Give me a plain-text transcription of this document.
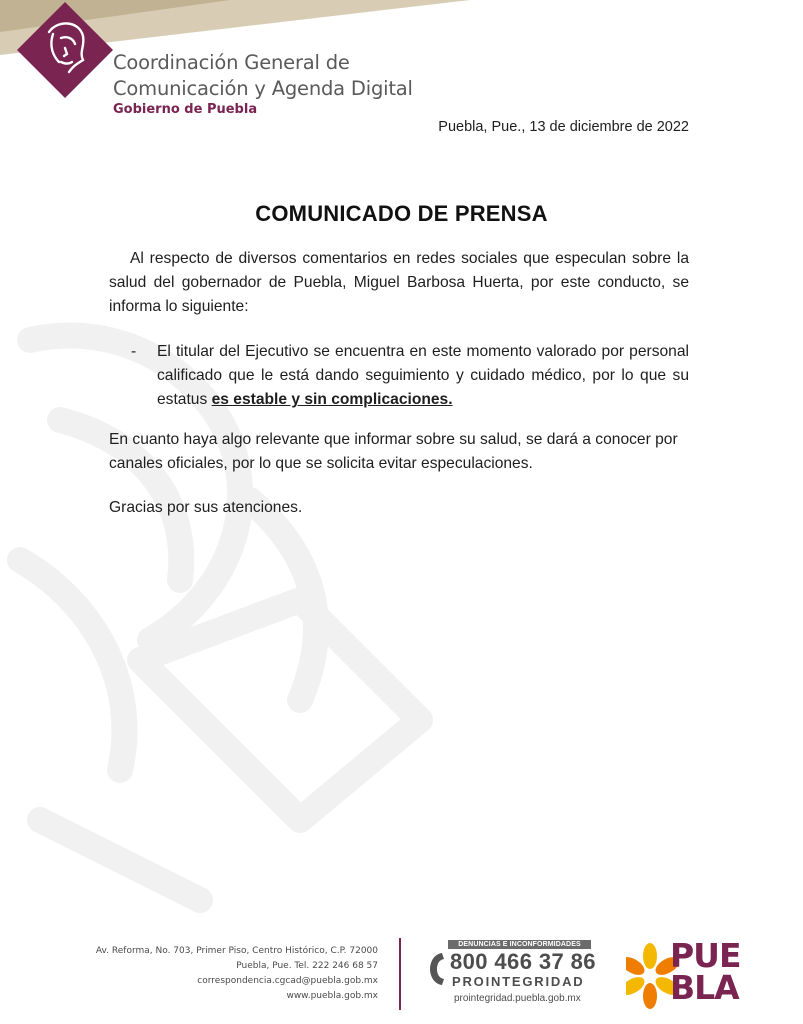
Coordinación General de
Comunicación y Agenda Digital
Gobierno de Puebla
Puebla, Pue., 13 de diciembre de 2022
COMUNICADO DE PRENSA

Al respecto de diversos comentarios en redes sociales que especulan sobre la salud del gobernador de Puebla, Miguel Barbosa Huerta, por este conducto, se informa lo siguiente:

- El titular del Ejecutivo se encuentra en este momento valorado por personal calificado que le está dando seguimiento y cuidado médico, por lo que su estatus es estable y sin complicaciones.

En cuanto haya algo relevante que informar sobre su salud, se dará a conocer por canales oficiales, por lo que se solicita evitar especulaciones.

Gracias por sus atenciones.

Av. Reforma, No. 703, Primer Piso, Centro Histórico, C.P. 72000
Puebla, Pue. Tel. 222 246 68 57
correspondencia.cgcad@puebla.gob.mx
www.puebla.gob.mx
DENUNCIAS E INCONFORMIDADES
800 466 37 86
PROINTEGRIDAD
prointegridad.puebla.gob.mx
PUE
BLA
